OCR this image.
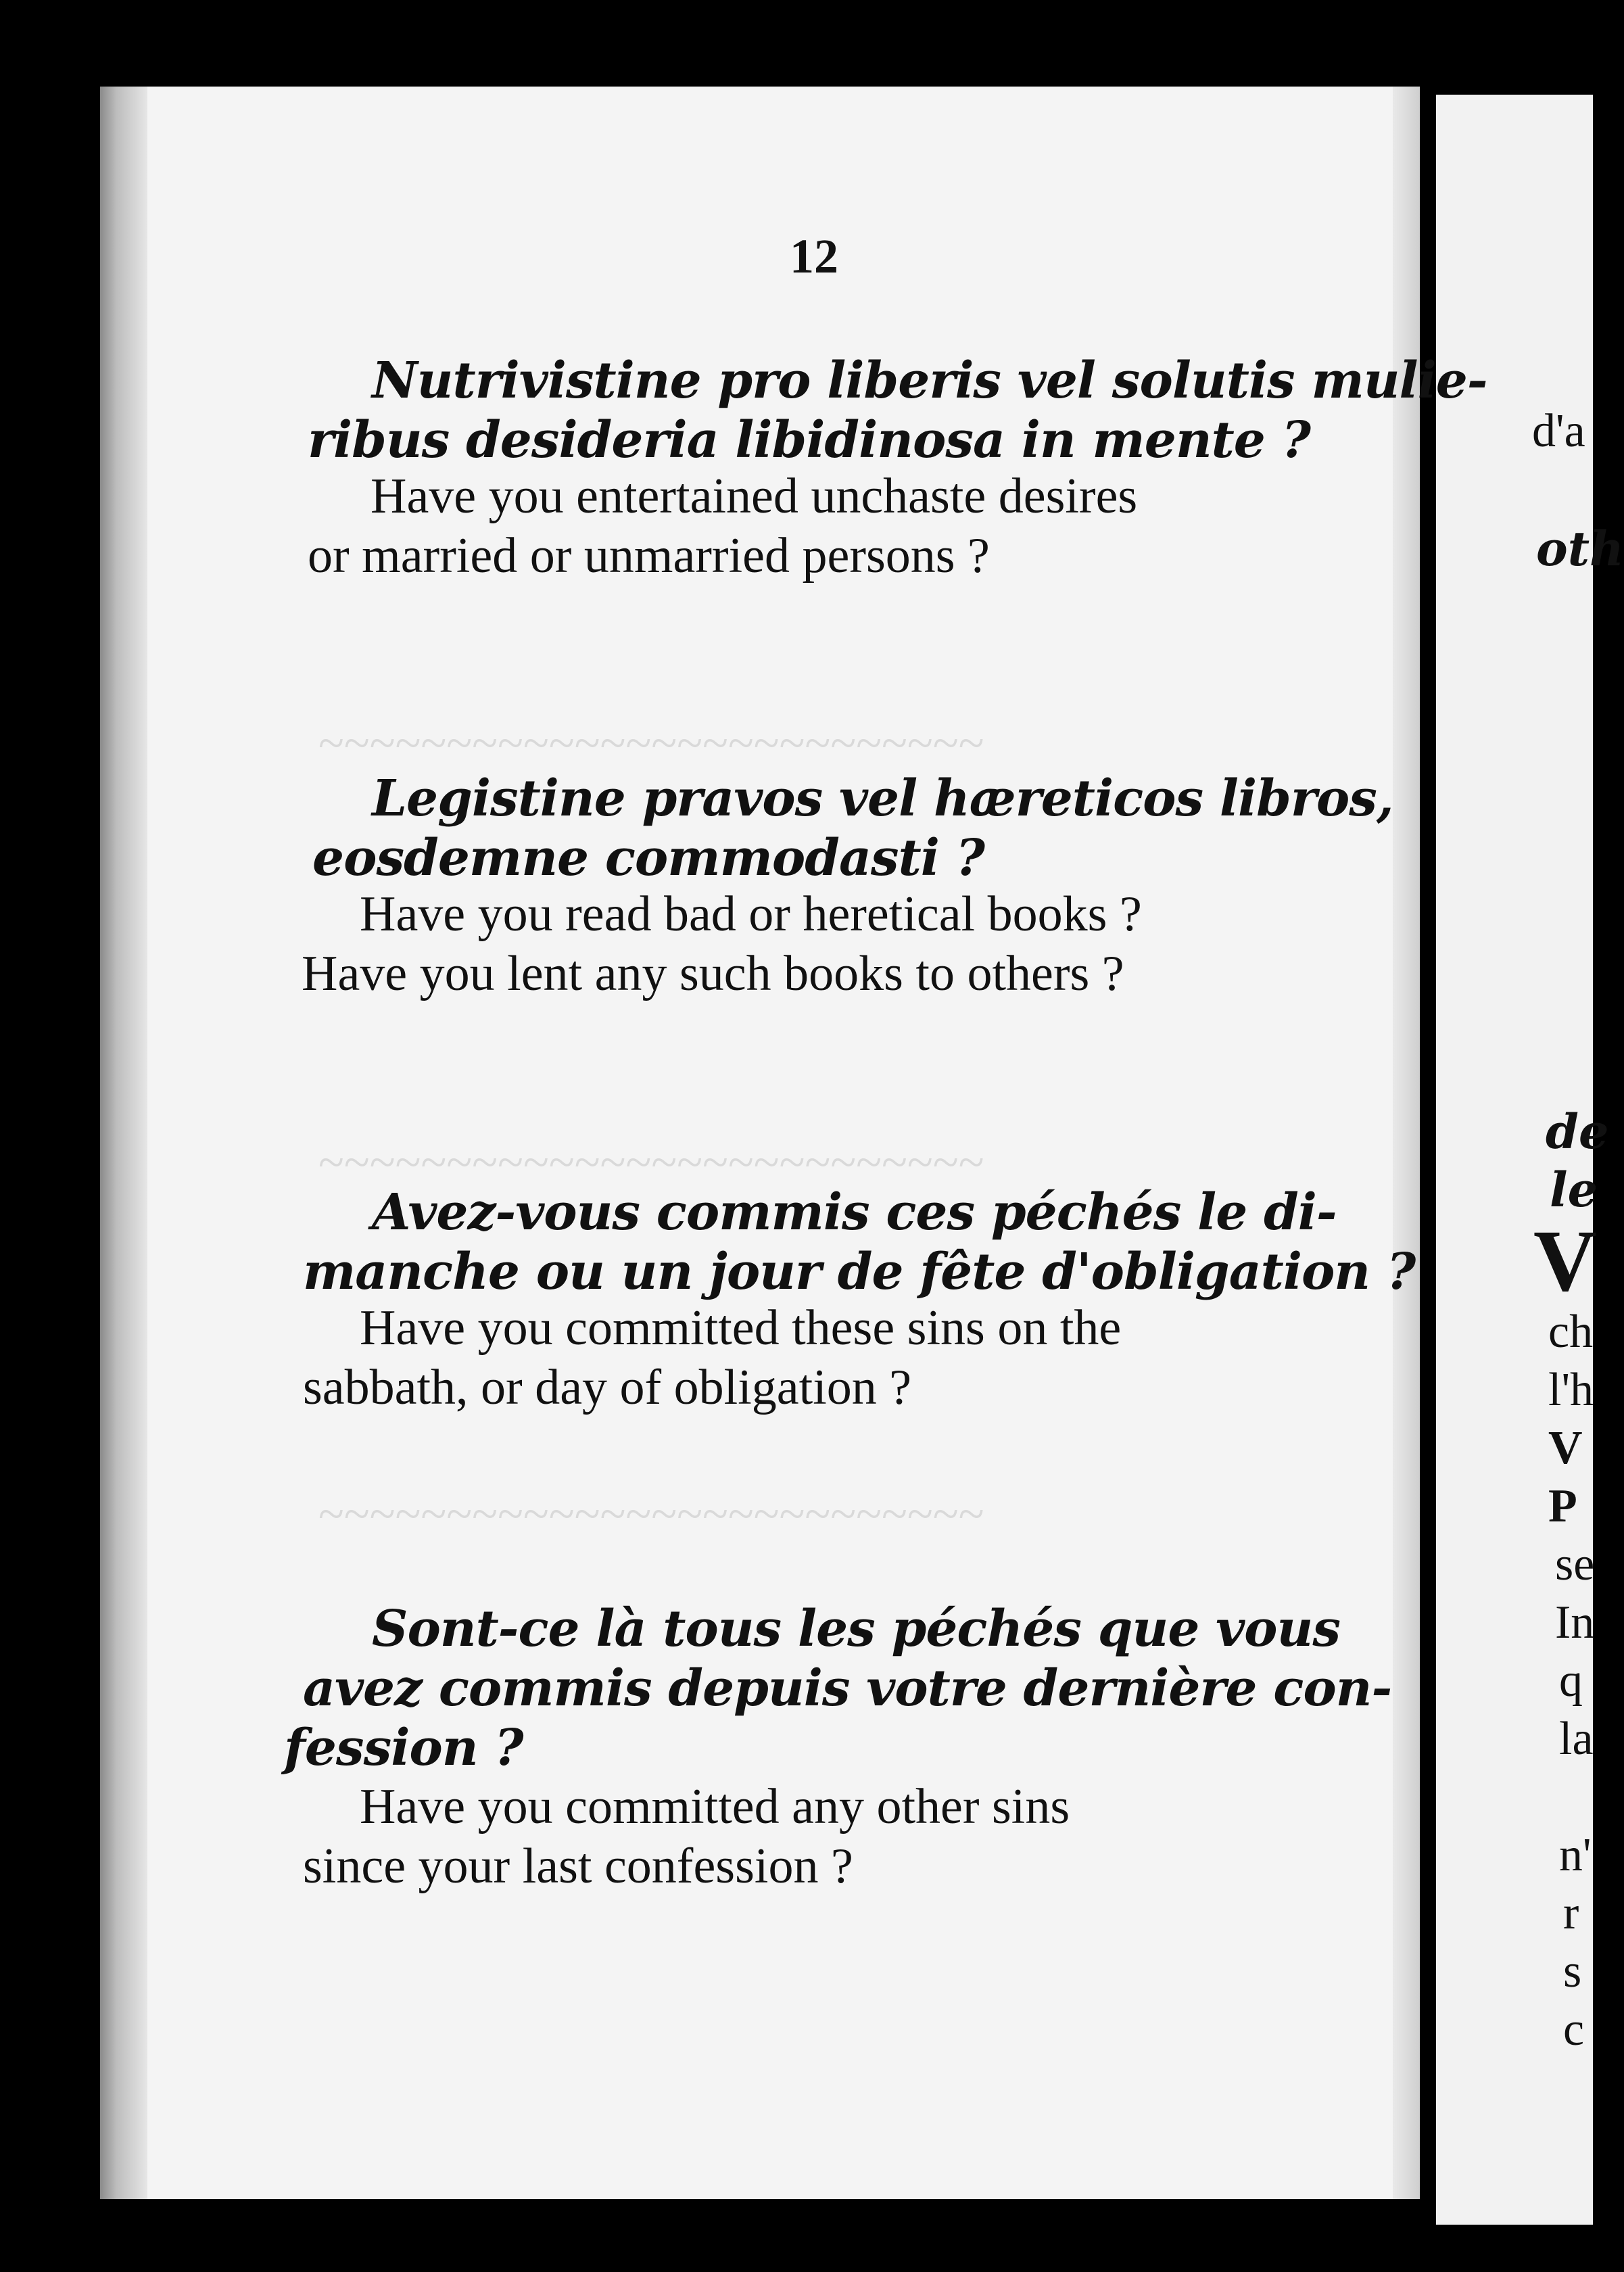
~~~~~~~~~~~~~~~~~~~~~~~~~~
~~~~~~~~~~~~~~~~~~~~~~~~~~
~~~~~~~~~~~~~~~~~~~~~~~~~~
12
Nutrivistine pro liberis vel solutis mulie-
ribus desideria libidinosa in mente ?
Have you entertained unchaste desires
or married or unmarried persons ?
Legistine pravos vel hæreticos libros,
eosdemne commodasti ?
Have you read bad or heretical books ?
Have you lent any such books to others ?
Avez-vous commis ces péchés le di-
manche ou un jour de fête d'obligation ?
Have you committed these sins on the
sabbath, or day of obligation ?
Sont-ce là tous les péchés que vous
avez commis depuis votre dernière con-
fession ?
Have you committed any other sins
since your last confession ?
d'a
oth
de
le
V
ch
l'h
V
P
se
In
q
la
n'
r
s
c
